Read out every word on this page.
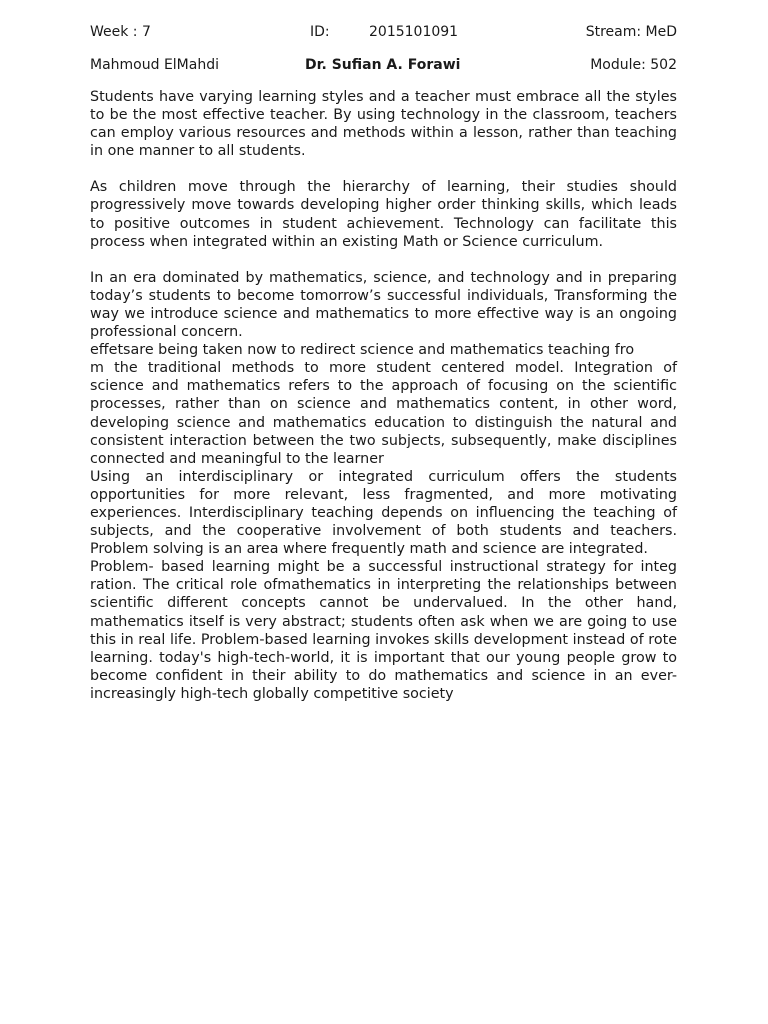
Week : 7	ID:	2015101091	Stream: MeD
Mahmoud ElMahdi	Dr. Sufian A. Forawi	Module: 502

Students have varying learning styles and a teacher must embrace all the styles to be the most effective teacher. By using technology in the classroom, teachers can employ various resources and methods within a lesson, rather than teaching in one manner to all students.

As children move through the hierarchy of learning, their studies should progressively move towards developing higher order thinking skills, which leads to positive outcomes in student achievement. Technology can facilitate this process when integrated within an existing Math or Science curriculum.

In an era dominated by mathematics, science, and technology and in preparing today’s students to become tomorrow’s successful individuals, Transforming the way we introduce science and mathematics to more effective way is an ongoing professional concern.

effetsare being taken now to redirect science and mathematics teaching fro

m the traditional methods to more student centered model. Integration of science and mathematics refers to the approach of focusing on the scientific processes, rather than on science and mathematics content, in other word, developing science and mathematics education to distinguish the natural and consistent interaction between the two subjects, subsequently, make disciplines connected and meaningful to the learner

Using an interdisciplinary or integrated curriculum offers the students opportunities for more relevant, less fragmented, and more motivating experiences. Interdisciplinary teaching depends on influencing the teaching of subjects, and the cooperative involvement of both students and teachers. Problem solving is an area where frequently math and science are integrated.

Problem- based learning might be a successful instructional strategy for integ ration. The critical role ofmathematics in interpreting the relationships between scientific different concepts cannot be undervalued. In the other hand, mathematics itself is very abstract; students often ask when we are going to use this in real life. Problem-based learning invokes skills development instead of rote learning. today's high-tech-world, it is important that our young people grow to become confident in their ability to do mathematics and science in an ever-increasingly high-tech globally competitive society
